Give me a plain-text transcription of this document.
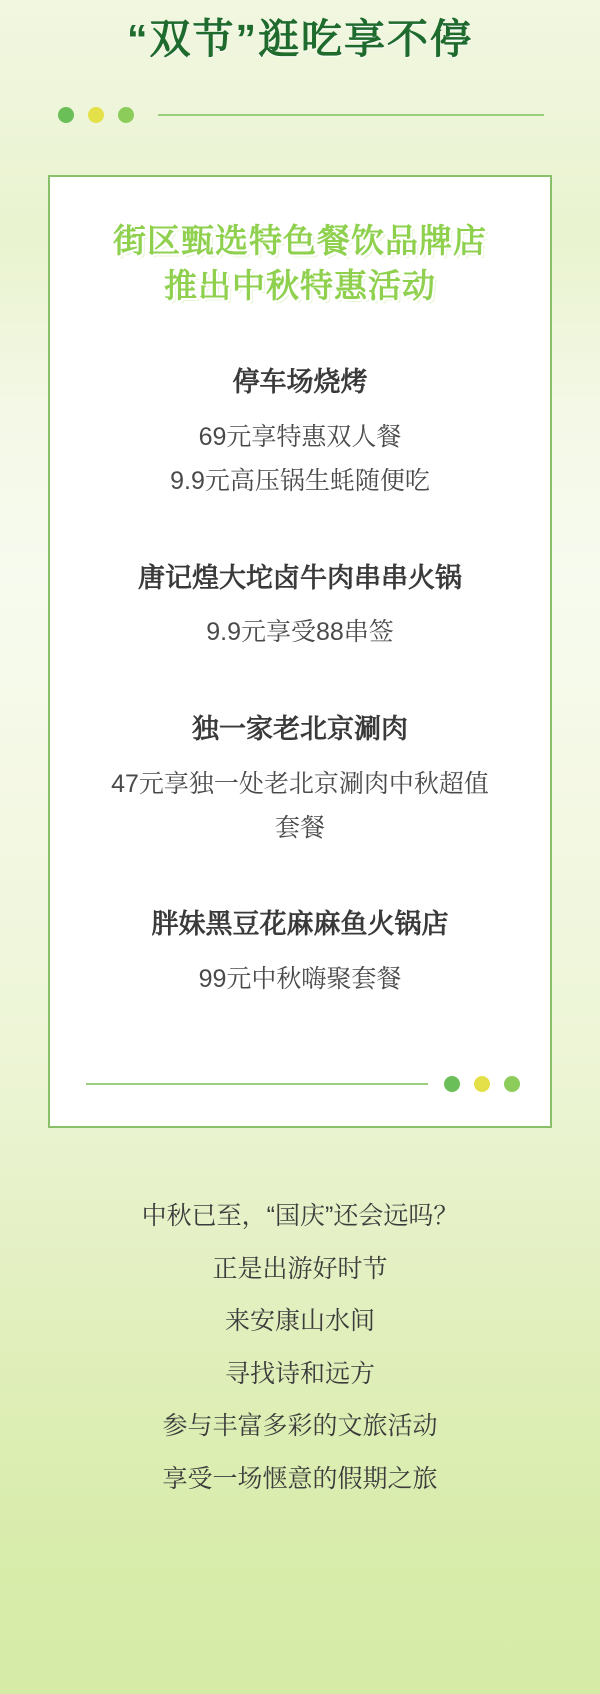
“双节”逛吃享不停
街区甄选特色餐饮品牌店
推出中秋特惠活动
停车场烧烤
69元享特惠双人餐
9.9元高压锅生蚝随便吃
唐记煌大坨卤牛肉串串火锅
9.9元享受88串签
独一家老北京涮肉
47元享独一处老北京涮肉中秋超值
套餐
胖妹黑豆花麻麻鱼火锅店
99元中秋嗨聚套餐
中秋已至，“国庆”还会远吗？
正是出游好时节
来安康山水间
寻找诗和远方
参与丰富多彩的文旅活动
享受一场惬意的假期之旅
